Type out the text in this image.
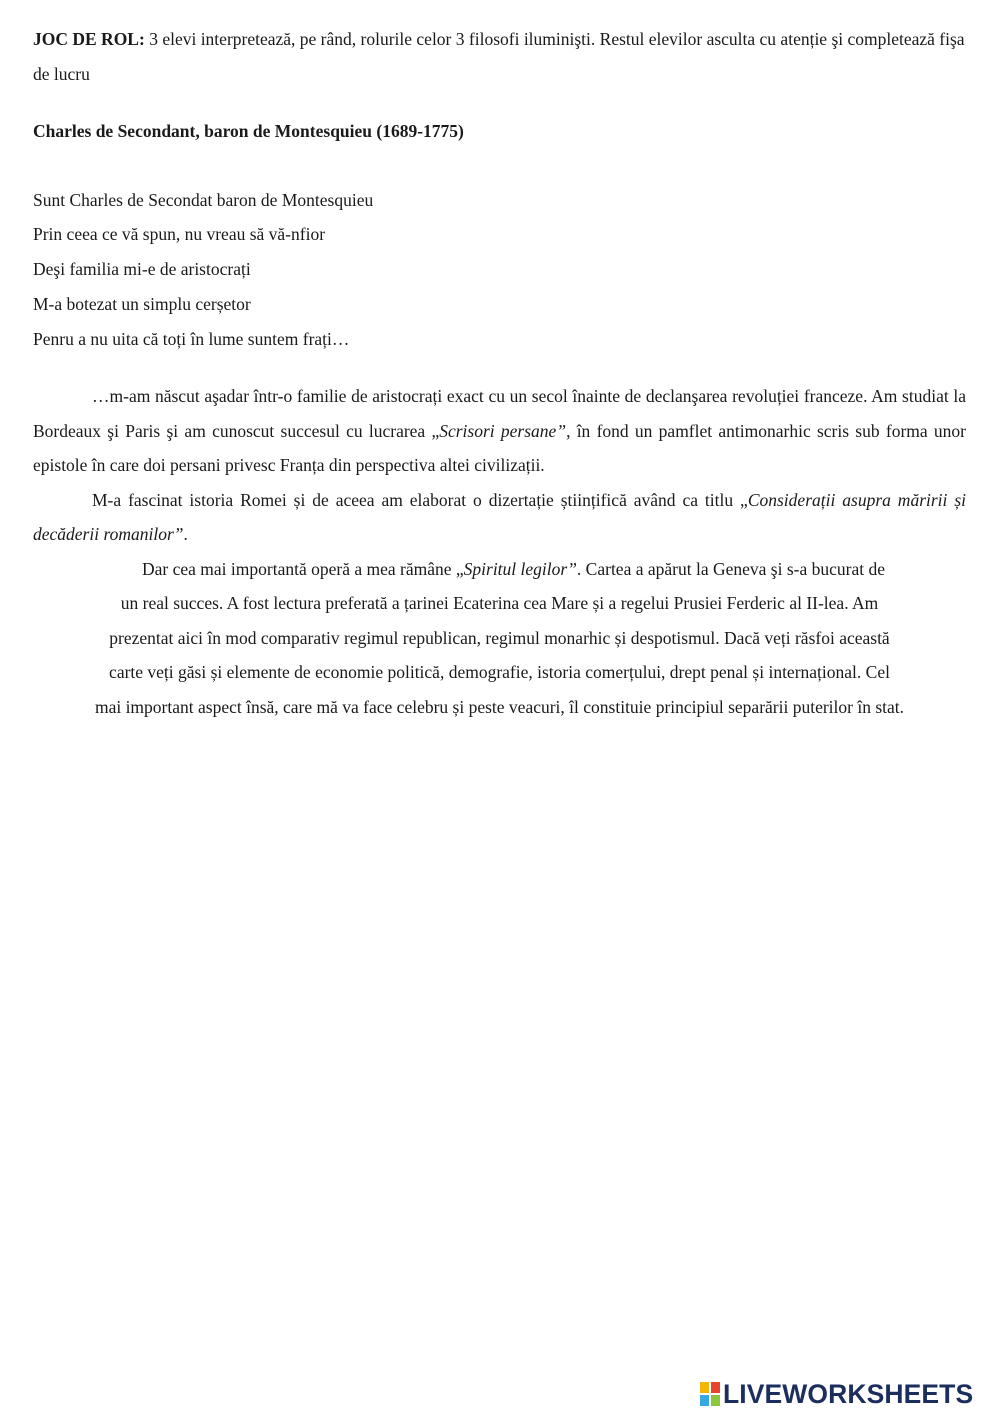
JOC DE ROL: 3 elevi interpretează, pe rând, rolurile celor 3 filosofi iluminişti. Restul elevilor asculta cu atenție şi completează fişa de lucru

Charles de Secondant, baron de Montesquieu (1689-1775)

Sunt Charles de Secondat baron de Montesquieu

Prin ceea ce vă spun, nu vreau să vă-nfior

Deşi familia mi-e de aristocrați

M-a botezat un simplu cerșetor

Penru a nu uita că toți în lume suntem frați…

…m-am născut aşadar într-o familie de aristocrați exact cu un secol înainte de declanşarea revoluției franceze. Am studiat la Bordeaux şi Paris şi am cunoscut succesul cu lucrarea „Scrisori persane”, în fond un pamflet antimonarhic scris sub forma unor epistole în care doi persani privesc Franța din perspectiva altei civilizații.

M-a fascinat istoria Romei și de aceea am elaborat o dizertație științifică având ca titlu „Considerații asupra măririi și decăderii romanilor”.

Dar cea mai importantă operă a mea rămâne „Spiritul legilor”. Cartea a apărut la Geneva şi s-a bucurat de

un real succes. A fost lectura preferată a țarinei Ecaterina cea Mare și a regelui Prusiei Ferderic al II-lea. Am

prezentat aici în mod comparativ regimul republican, regimul monarhic și despotismul. Dacă veți răsfoi această

carte veți găsi și elemente de economie politică, demografie, istoria comerțului, drept penal și internațional. Cel

mai important aspect însă, care mă va face celebru și peste veacuri, îl constituie principiul separării puterilor în stat.

LIVEWORKSHEETS
